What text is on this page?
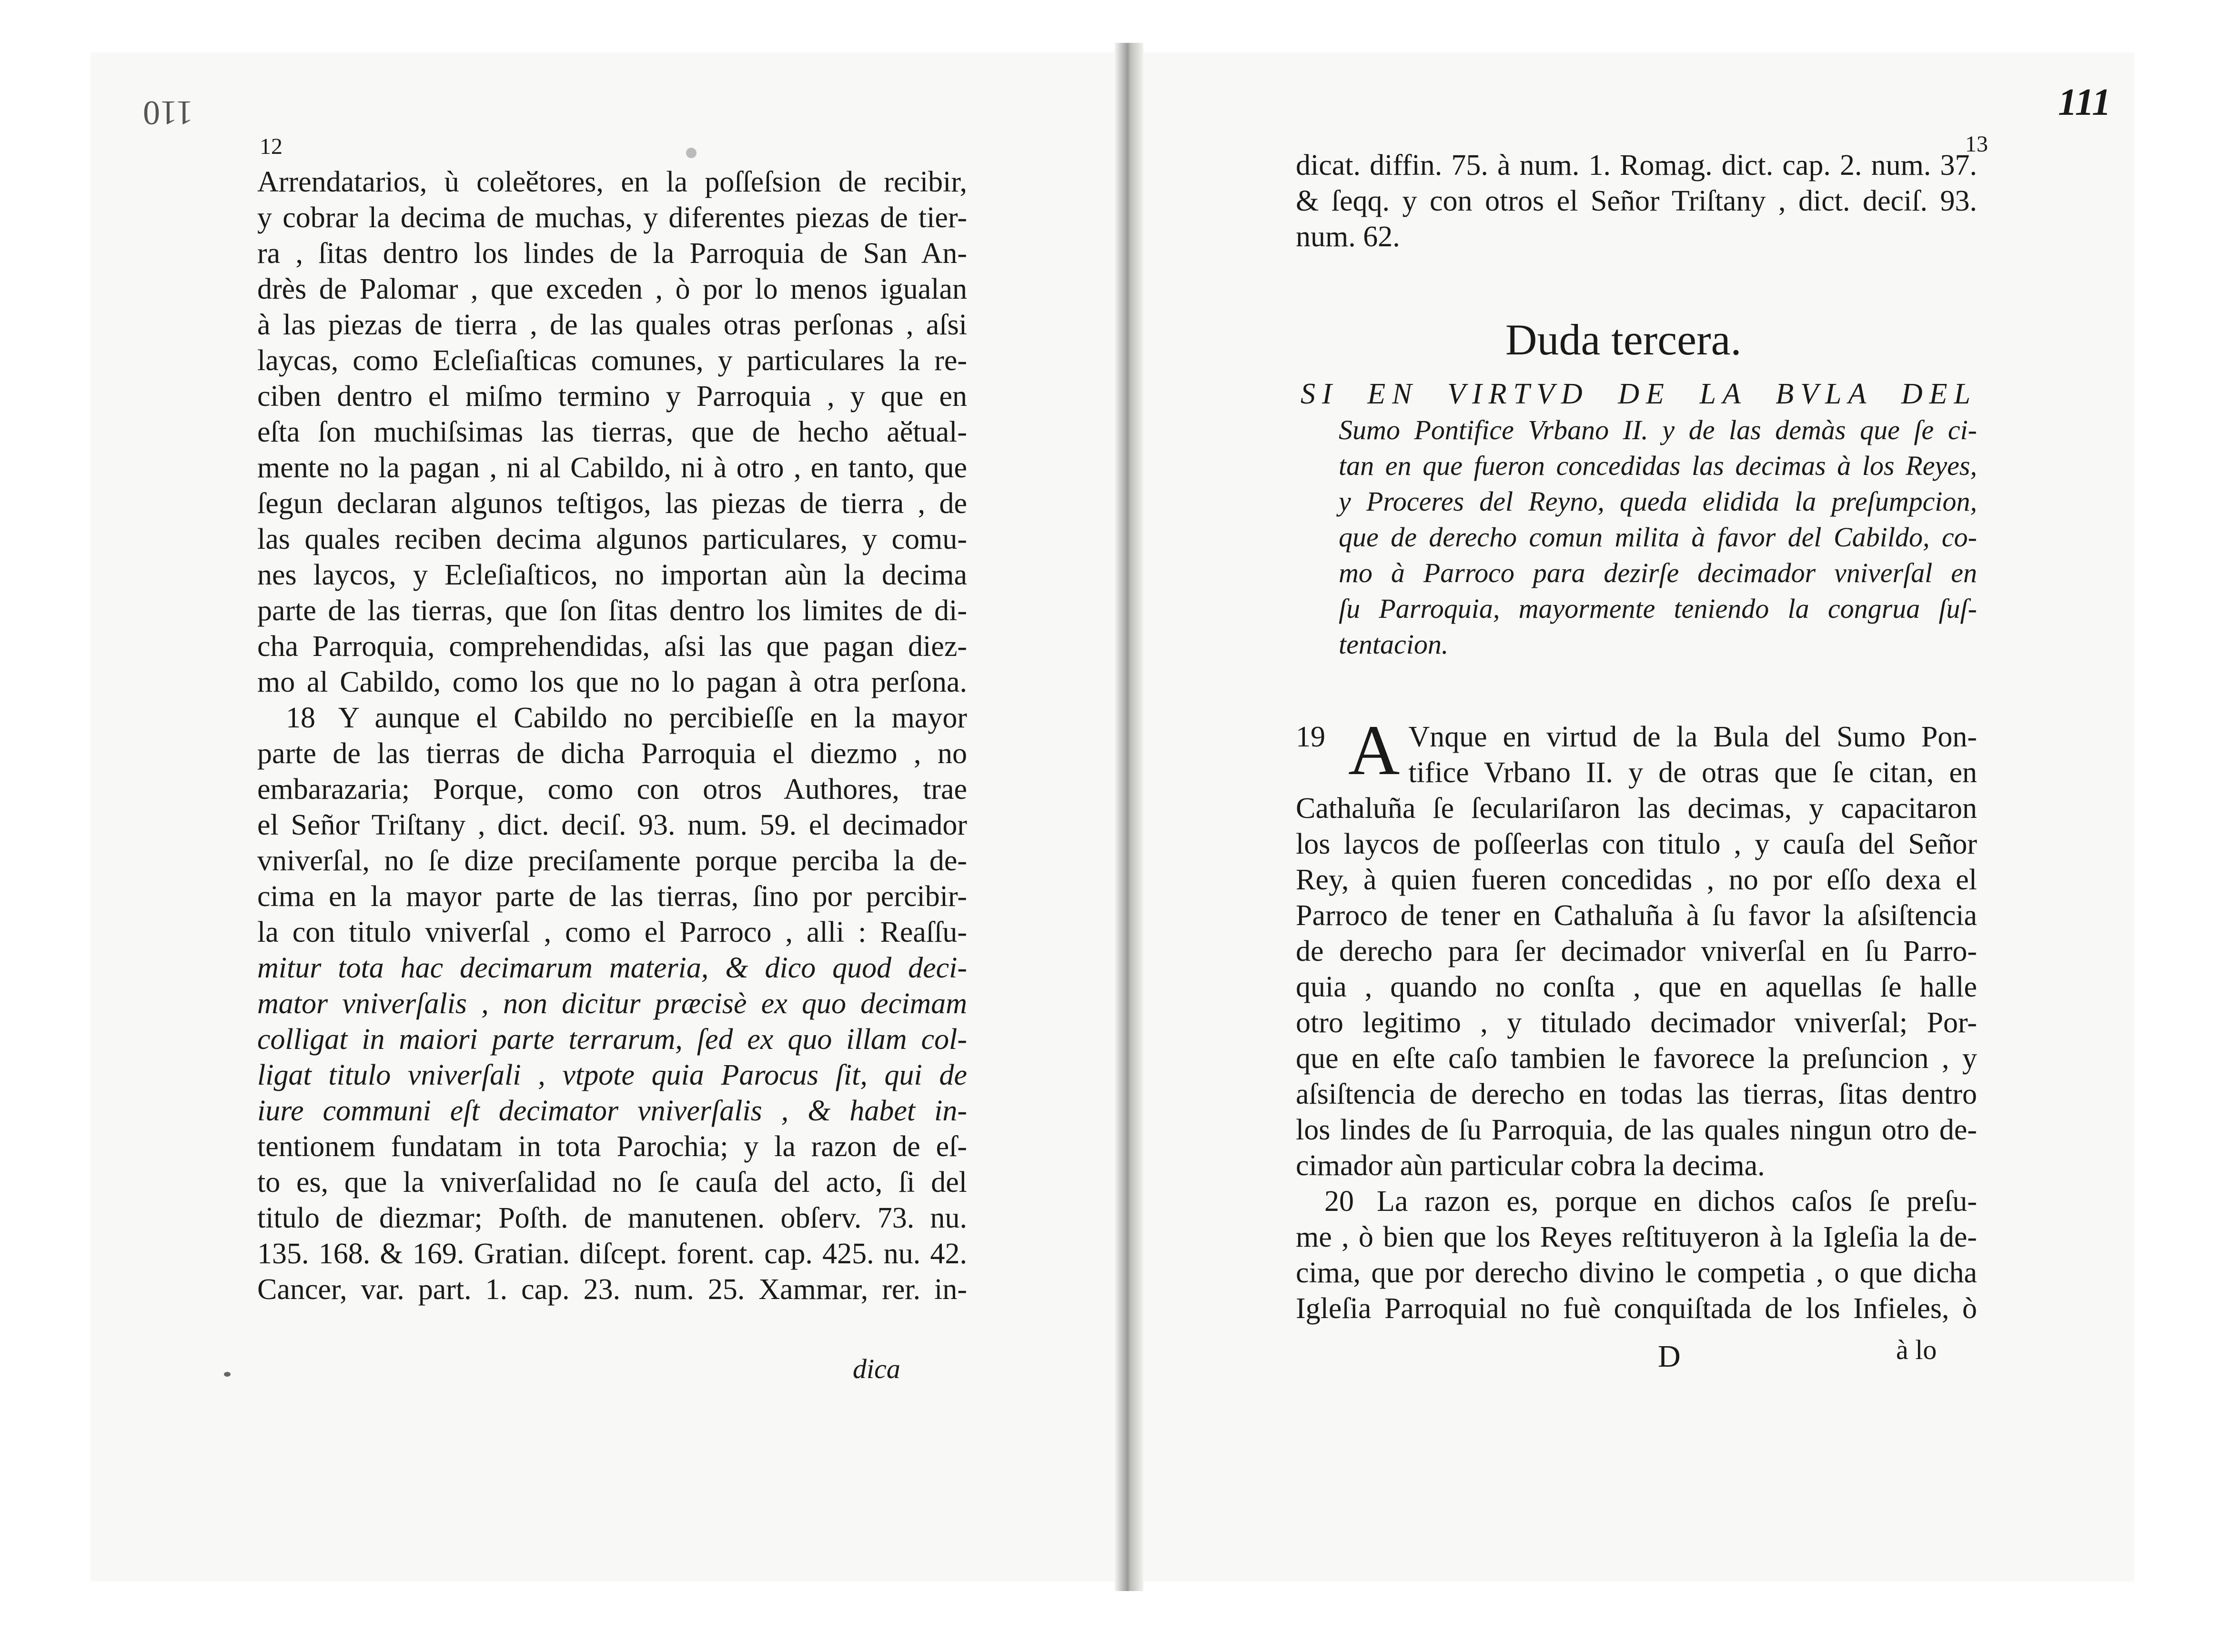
110
12
Arrendatarios, ù coleӗtores, en la poſſeſsion de recibir,
y cobrar la decima de muchas, y diferentes piezas de tier-
ra , ſitas dentro los lindes de la Parroquia de San An-
drès de Palomar , que exceden , ò por lo menos igualan
à las piezas de tierra , de las quales otras perſonas , aſsi
laycas, como Ecleſiaſticas comunes, y particulares la re-
ciben dentro el miſmo termino y Parroquia , y que en
eſta ſon muchiſsimas las tierras, que de hecho aӗtual-
mente no la pagan , ni al Cabildo, ni à otro , en tanto, que
ſegun declaran algunos teſtigos, las piezas de tierra , de
las quales reciben decima algunos particulares, y comu-
nes laycos, y Ecleſiaſticos, no importan aùn la decima
parte de las tierras, que ſon ſitas dentro los limites de di-
cha Parroquia, comprehendidas, aſsi las que pagan diez-
mo al Cabildo, como los que no lo pagan à otra perſona.
18 Y aunque el Cabildo no percibieſſe en la mayor
parte de las tierras de dicha Parroquia el diezmo , no
embarazaria; Porque, como con otros Authores, trae
el Señor Triſtany , dict. deciſ. 93. num. 59. el decimador
vniverſal, no ſe dize preciſamente porque perciba la de-
cima en la mayor parte de las tierras, ſino por percibir-
la con titulo vniverſal , como el Parroco , alli : Reaſſu-
mitur tota hac decimarum materia, & dico quod deci-
mator vniverſalis , non dicitur præcisè ex quo decimam
colligat in maiori parte terrarum, ſed ex quo illam col-
ligat titulo vniverſali , vtpote quia Parocus ſit, qui de
iure communi eſt decimator vniverſalis , & habet in-
tentionem fundatam in tota Parochia; y la razon de eſ-
to es, que la vniverſalidad no ſe cauſa del acto, ſi del
titulo de diezmar; Poſth. de manutenen. obſerv. 73. nu.
135. 168. & 169. Gratian. diſcept. forent. cap. 425. nu. 42.
Cancer, var. part. 1. cap. 23. num. 25. Xammar, rer. in-
dica
111
13
dicat. diffin. 75. à num. 1. Romag. dict. cap. 2. num. 37.
& ſeqq. y con otros el Señor Triſtany , dict. deciſ. 93.
num. 62.
Duda tercera.
SI EN VIRTVD DE LA BVLA DEL
Sumo Pontifice Vrbano II. y de las demàs que ſe ci-
tan en que fueron concedidas las decimas à los Reyes,
y Proceres del Reyno, queda elidida la preſumpcion,
que de derecho comun milita à favor del Cabildo, co-
mo à Parroco para dezirſe decimador vniverſal en
ſu Parroquia, mayormente teniendo la congrua ſuſ-
tentacion.
19 A Vnque en virtud de la Bula del Sumo Pon-
tifice Vrbano II. y de otras que ſe citan, en
Cathaluña ſe ſeculariſaron las decimas, y capacitaron
los laycos de poſſeerlas con titulo , y cauſa del Señor
Rey, à quien fueren concedidas , no por eſſo dexa el
Parroco de tener en Cathaluña à ſu favor la aſsiſtencia
de derecho para ſer decimador vniverſal en ſu Parro-
quia , quando no conſta , que en aquellas ſe halle
otro legitimo , y titulado decimador vniverſal; Por-
que en eſte caſo tambien le favorece la preſuncion , y
aſsiſtencia de derecho en todas las tierras, ſitas dentro
los lindes de ſu Parroquia, de las quales ningun otro de-
cimador aùn particular cobra la decima.
20 La razon es, porque en dichos caſos ſe preſu-
me , ò bien que los Reyes reſtituyeron à la Igleſia la de-
cima, que por derecho divino le competia , o que dicha
Igleſia Parroquial no fuè conquiſtada de los Infieles, ò
D	à lo
